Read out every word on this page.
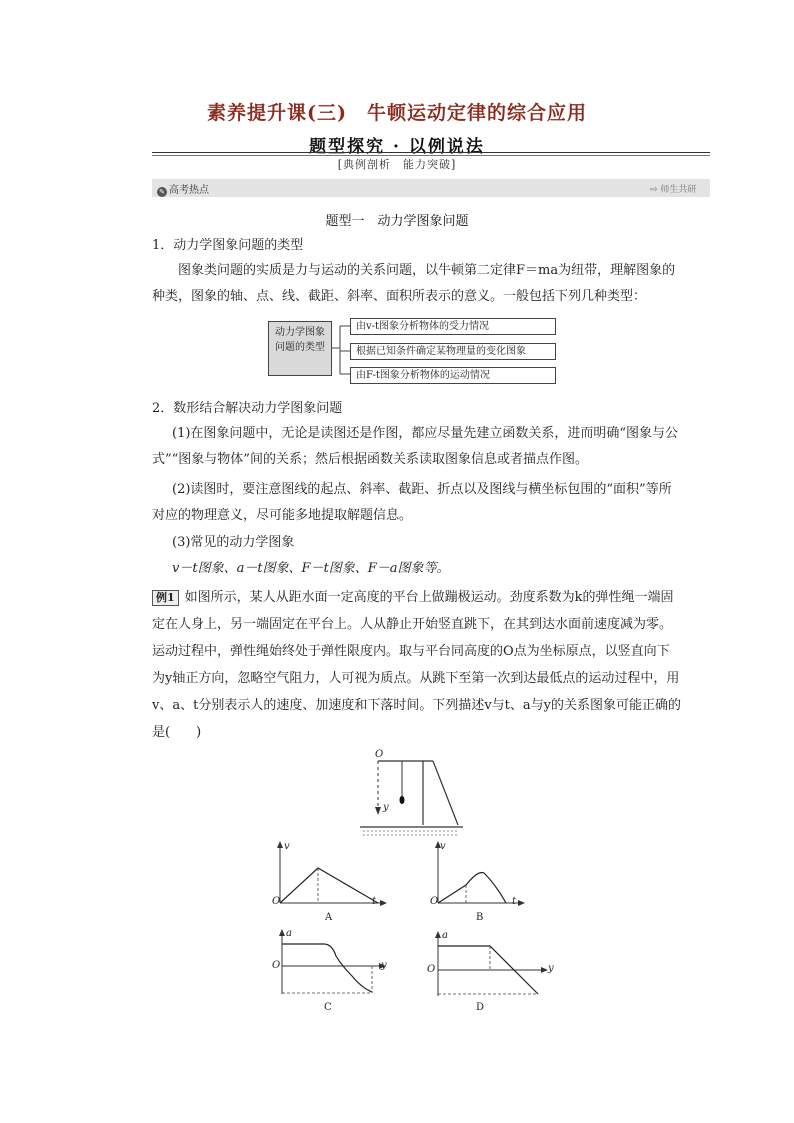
素养提升课(三)　牛顿运动定律的综合应用
题型探究 · 以例说法
[典例剖析　能力突破]
✎ 高考热点	⇨ 师生共研
题型一　动力学图象问题

1．动力学图象问题的类型

图象类问题的实质是力与运动的关系问题，以牛顿第二定律F＝ma为纽带，理解图象的种类，图象的轴、点、线、截距、斜率、面积所表示的意义。一般包括下列几种类型：

动力学图象问题的类型
由v-t图象分析物体的受力情况
根据已知条件确定某物理量的变化图象
由F-t图象分析物体的运动情况

2．数形结合解决动力学图象问题

(1)在图象问题中，无论是读图还是作图，都应尽量先建立函数关系，进而明确“图象与公式”“图象与物体”间的关系；然后根据函数关系读取图象信息或者描点作图。

(2)读图时，要注意图线的起点、斜率、截距、折点以及图线与横坐标包围的“面积”等所对应的物理意义，尽可能多地提取解题信息。

(3)常见的动力学图象

v－t图象、a－t图象、F－t图象、F－a图象等。

例1 如图所示，某人从距水面一定高度的平台上做蹦极运动。劲度系数为k的弹性绳一端固定在人身上，另一端固定在平台上。人从静止开始竖直跳下，在其到达水面前速度减为零。运动过程中，弹性绳始终处于弹性限度内。取与平台同高度的O点为坐标原点，以竖直向下为y轴正方向，忽略空气阻力，人可视为质点。从跳下至第一次到达最低点的运动过程中，用v、a、t分别表示人的速度、加速度和下落时间。下列描述v与t、a与y的关系图象可能正确的是(　　)
O
y
v
t
O
A
v
t
O
B
a
y
O
C
a
y
O
D
